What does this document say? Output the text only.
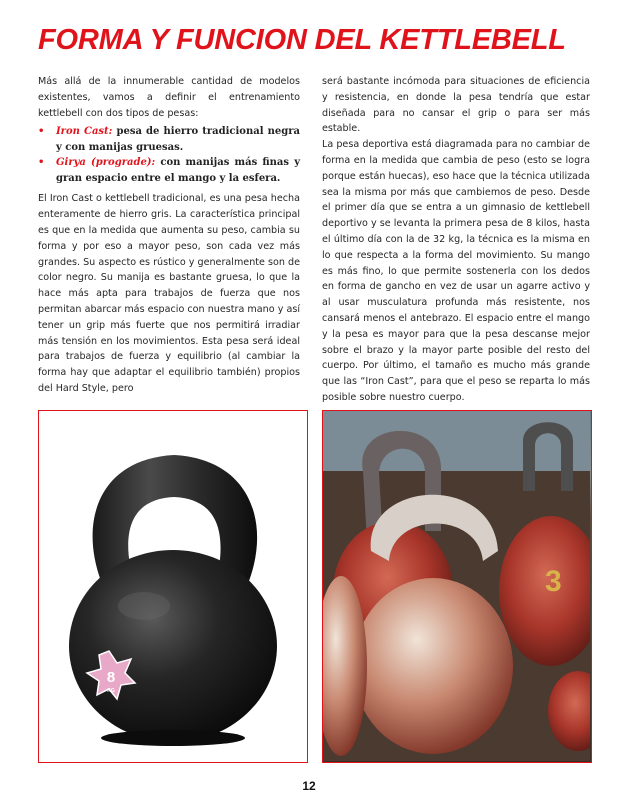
FORMA Y FUNCION DEL KETTLEBELL

Más allá de la innumerable cantidad de modelos existentes, vamos a definir el entrenamiento kettlebell con dos tipos de pesas:

• Iron Cast: pesa de hierro tradicional negra y con manijas gruesas.
• Girya (prograde): con manijas más finas y gran espacio entre el mango y la esfera.

El Iron Cast o kettlebell tradicional, es una pesa hecha enteramente de hierro gris. La característica principal es que en la medida que aumenta su peso, cambia su forma y por eso a mayor peso, son cada vez más grandes. Su aspecto es rústico y generalmente son de color negro. Su manija es bastante gruesa, lo que la hace más apta para trabajos de fuerza que nos permitan abarcar más espacio con nuestra mano y así tener un grip más fuerte que nos permitirá irradiar más tensión en los movimientos. Esta pesa será ideal para trabajos de fuerza y equilibrio (al cambiar la forma hay que adaptar el equilibrio también) propios del Hard Style, pero

será bastante incómoda para situaciones de eficiencia y resistencia, en donde la pesa tendría que estar diseñada para no cansar el grip o para ser más estable.

La pesa deportiva está diagramada para no cambiar de forma en la medida que cambia de peso (esto se logra porque están huecas), eso hace que la técnica utilizada sea la misma por más que cambiemos de peso. Desde el primer día que se entra a un gimnasio de kettlebell deportivo y se levanta la primera pesa de 8 kilos, hasta el último día con la de 32 kg, la técnica es la misma en lo que respecta a la forma del movimiento. Su mango es más fino, lo que permite sostenerla con los dedos en forma de gancho en vez de usar un agarre activo y al usar musculatura profunda más resistente, nos cansará menos el antebrazo. El espacio entre el mango y la pesa es mayor para que la pesa descanse mejor sobre el brazo y la mayor parte posible del resto del cuerpo. Por último, el tamaño es mucho más grande que las “Iron Cast”, para que el peso se reparta lo más posible sobre nuestro cuerpo.

8
KG
3
12
